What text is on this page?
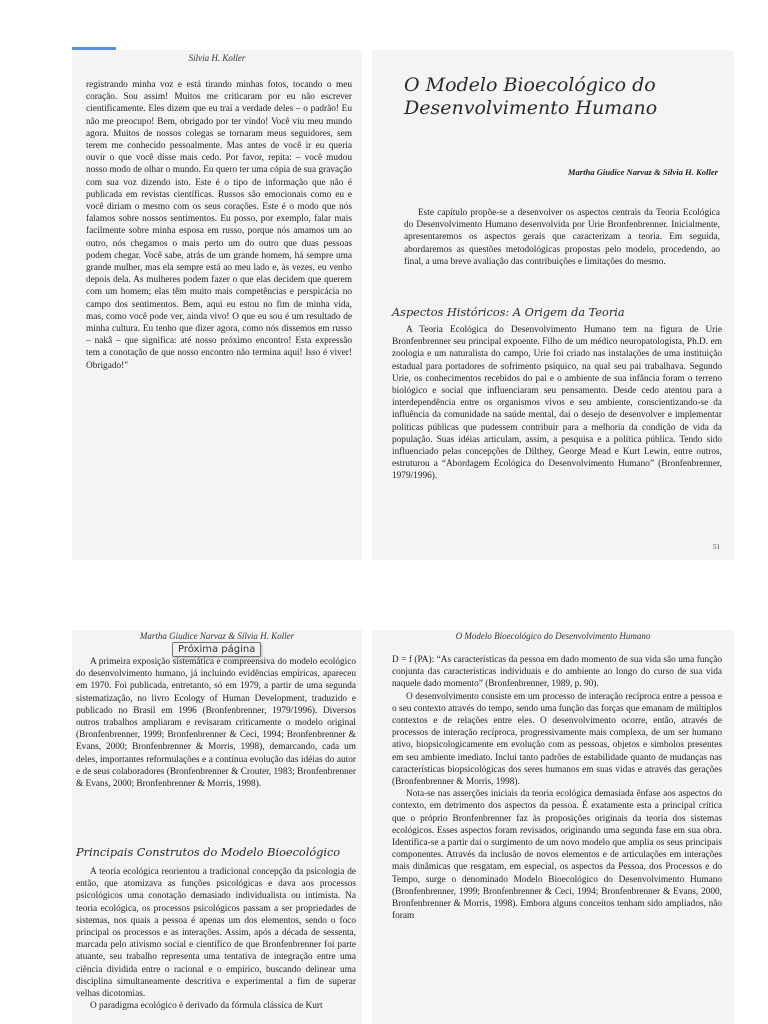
Sílvia H. Koller

registrando minha voz e está tirando minhas fotos, tocando o meu coração. Sou assim! Muitos me criticaram por eu não escrever cientificamente. Eles dizem que eu traí a verdade deles – o padrão! Eu não me preocupo! Bem, obrigado por ter vindo! Você viu meu mundo agora. Muitos de nossos colegas se tornaram meus seguidores, sem terem me conhecido pessoalmente. Mas antes de você ir eu queria ouvir o que você disse mais cedo. Por favor, repita: – você mudou nosso modo de olhar o mundo. Eu quero ter uma cópia de sua gravação com sua voz dizendo isto. Este é o tipo de informação que não é publicada em revistas científicas. Russos são emocionais como eu e você diriam o mesmo com os seus corações. Este é o modo que nós falamos sobre nossos sentimentos. Eu posso, por exemplo, falar mais facilmente sobre minha esposa em russo, porque nós amamos um ao outro, nós chegamos o mais perto um do outro que duas pessoas podem chegar. Você sabe, atrás de um grande homem, há sempre uma grande mulher, mas ela sempre está ao meu lado e, às vezes, eu venho depois dela. As mulheres podem fazer o que elas decidem que querem com um homem; elas têm muito mais competências e perspicácia no campo dos sentimentos. Bem, aqui eu estou no fim de minha vida, mas, como você pode ver, ainda vivo! O que eu sou é um resultado de minha cultura. Eu tenho que dizer agora, como nós dissemos em russo – nakâ – que significa: até nosso próximo encontro! Esta expressão tem a conotação de que nosso encontro não terminа aqui! Isso é viver! Obrigado!"

O Modelo Bioecológico do
Desenvolvimento Humano
Martha Giudice Narvaz & Sílvia H. Koller

Este capítulo propõe-se a desenvolver os aspectos centrais da Teoria Ecológica do Desenvolvimento Humano desenvolvida por Urie Bronfenbrenner. Inicialmente, apresentaremos os aspectos gerais que caracterizam a teoria. Em seguida, abordaremos as questões metodológicas propostas pelo modelo, procedendo, ao final, a uma breve avaliação das contribuições e limitações do mesmo.

Aspectos Históricos: A Origem da Teoria

A Teoria Ecológica do Desenvolvimento Humano tem na figura de Urie Bronfenbrenner seu principal expoente. Filho de um médico neuropatologista, Ph.D. em zoologia e um naturalista do campo, Urie foi criado nas instalações de uma instituição estadual para portadores de sofrimento psíquico, na qual seu pai trabalhava. Segundo Urie, os conhecimentos recebidos do pai e o ambiente de sua infância foram o terreno biológico e social que influenciaram seu pensamento. Desde cedo atentou para a interdependência entre os organismos vivos e seu ambiente, conscientizando-se da influência da comunidade na saúde mental, daí o desejo de desenvolver e implementar políticas públicas que pudessem contribuir para a melhoria da condição de vida da população. Suas idéias articulam, assim, a pesquisa e a política pública. Tendo sido influenciado pelas concepções de Dilthey, George Mead e Kurt Lewin, entre outros, estruturou a “Abordagem Ecológica do Desenvolvimento Humano” (Bronfenbrenner, 1979/1996).

51
Martha Giudice Narvaz & Sílvia H. Koller

A primeira exposição sistemática e compreensiva do modelo ecológico do desenvolvimento humano, já incluindo evidências empíricas, apareceu em 1970. Foi publicada, entretanto, só em 1979, a partir de uma segunda sistematização, no livro Ecology of Human Development, traduzido e publicado no Brasil em 1996 (Bronfenbrenner, 1979/1996). Diversos outros trabalhos ampliaram e revisaram criticamente o modelo original (Bronfenbrenner, 1999; Bronfenbrenner & Ceci, 1994; Bronfenbrenner & Evans, 2000; Bronfenbrenner & Morris, 1998), demarcando, cada um deles, importantes reformulações e a contínua evolução das idéias do autor e de seus colaboradores (Bronfenbrenner & Crouter, 1983; Bronfenbrenner & Evans, 2000; Bronfenbrenner & Morris, 1998).

Principais Construtos do Modelo Bioecológico

A teoria ecológica reorientou a tradicional concepção da psicologia de então, que atomizava as funções psicológicas e dava aos processos psicológicos uma conotação demasiado individualista ou intimista. Na teoria ecológica, os processos psicológicos passam a ser propriedades de sistemas, nos quais a pessoa é apenas um dos elementos, sendo o foco principal os processos e as interações. Assim, após a década de sessenta, marcada pelo ativismo social e científico de que Bronfenbrenner foi parte atuante, seu trabalho representa uma tentativa de integração entre uma ciência dividida entre o racional e o empírico, buscando delinear uma disciplina simultaneamente descritiva e experimental a fim de superar velhas dicotomias.

O paradigma ecológico é derivado da fórmula clássica de Kurt

Próxima página
O Modelo Bioecológico do Desenvolvimento Humano

D = f (PA): “As características da pessoa em dado momento de sua vida são uma função conjunta das características individuais e do ambiente ao longo do curso de sua vida naquele dado momento” (Bronfenbrenner, 1989, p. 90).

O desenvolvimento consiste em um processo de interação recíproca entre a pessoa e o seu contexto através do tempo, sendo uma função das forças que emanam de múltiplos contextos e de relações entre eles. O desenvolvimento ocorre, então, através de processos de interação recíproca, progressivamente mais complexa, de um ser humano ativo, biopsicologicamente em evolução com as pessoas, objetos e símbolos presentes em seu ambiente imediato. Inclui tanto padrões de estabilidade quanto de mudanças nas características biopsicológicas dos seres humanos em suas vidas e através das gerações (Bronfenbrenner & Morris, 1998).

Nota-se nas asserções iniciais da teoria ecológica demasiada ênfase aos aspectos do contexto, em detrimento dos aspectos da pessoa. É exatamente esta a principal crítica que o próprio Bronfenbrenner faz às proposições originais da teoria dos sistemas ecológicos. Esses aspectos foram revisados, originando uma segunda fase em sua obra. Identifica-se a partir daí o surgimento de um novo modelo que amplia os seus principais componentes. Através da inclusão de novos elementos e de articulações em interações mais dinâmicas que resgatam, em especial, os aspectos da Pessoa, dos Processos e do Tempo, surge o denominado Modelo Bioecológico do Desenvolvimento Humano (Bronfenbrenner, 1999; Bronfenbrenner & Ceci, 1994; Bronfenbrenner & Evans, 2000, Bronfenbrenner & Morris, 1998). Embora alguns conceitos tenham sido ampliados, não foram
